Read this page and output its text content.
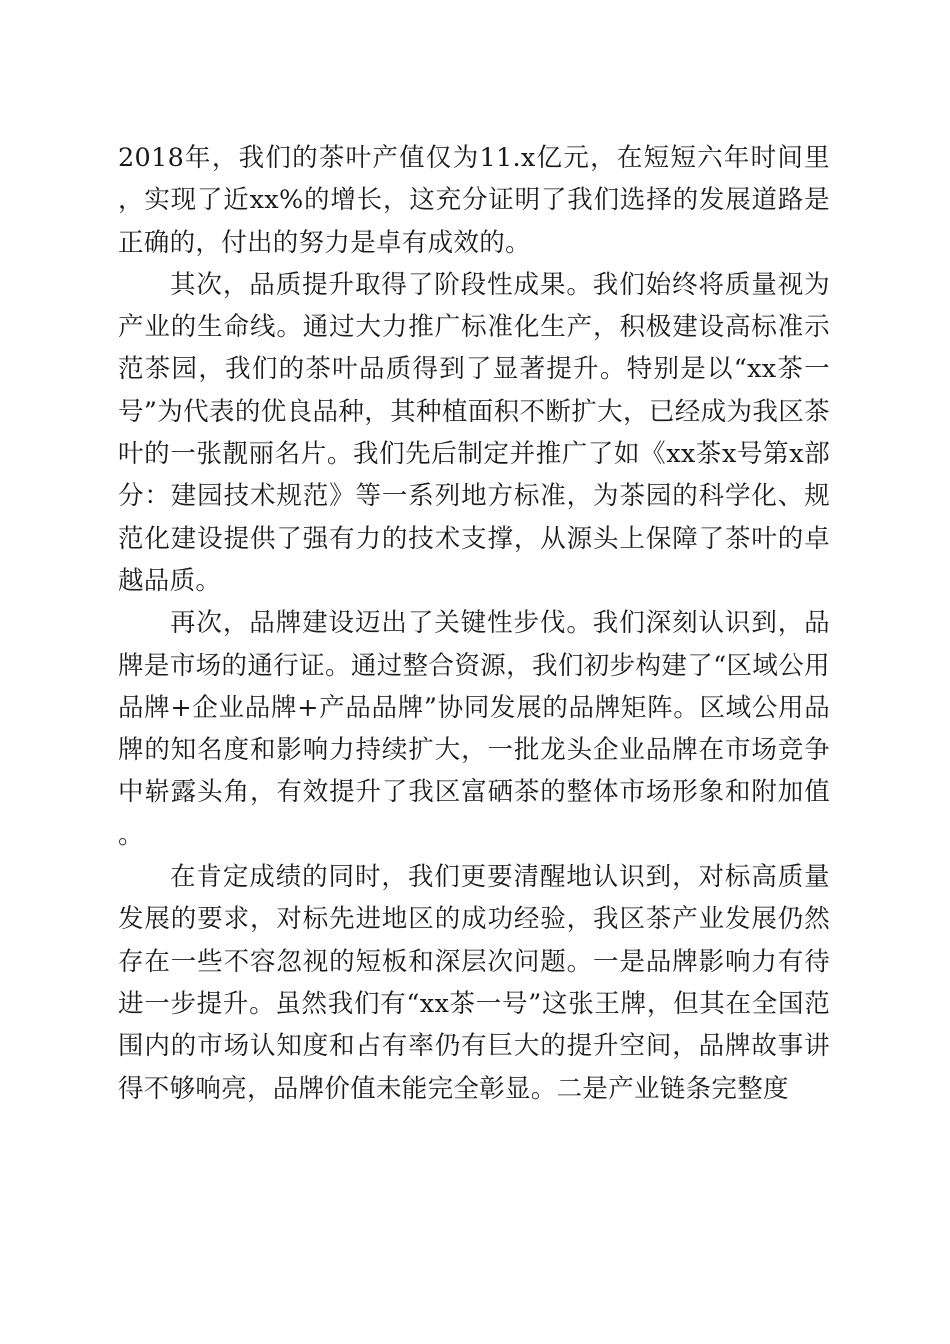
2018年，我们的茶叶产值仅为11.x亿元，在短短六年时间里，实现了近xx%的增长，这充分证明了我们选择的发展道路是正确的，付出的努力是卓有成效的。

其次，品质提升取得了阶段性成果。我们始终将质量视为产业的生命线。通过大力推广标准化生产，积极建设高标准示范茶园，我们的茶叶品质得到了显著提升。特别是以“xx茶一号”为代表的优良品种，其种植面积不断扩大，已经成为我区茶叶的一张靓丽名片。我们先后制定并推广了如《xx茶x号第x部分：建园技术规范》等一系列地方标准，为茶园的科学化、规范化建设提供了强有力的技术支撑，从源头上保障了茶叶的卓越品质。

再次，品牌建设迈出了关键性步伐。我们深刻认识到，品牌是市场的通行证。通过整合资源，我们初步构建了“区域公用品牌+企业品牌+产品品牌”协同发展的品牌矩阵。区域公用品牌的知名度和影响力持续扩大，一批龙头企业品牌在市场竞争中崭露头角，有效提升了我区富硒茶的整体市场形象和附加值。

在肯定成绩的同时，我们更要清醒地认识到，对标高质量发展的要求，对标先进地区的成功经验，我区茶产业发展仍然存在一些不容忽视的短板和深层次问题。一是品牌影响力有待进一步提升。虽然我们有“xx茶一号”这张王牌，但其在全国范围内的市场认知度和占有率仍有巨大的提升空间，品牌故事讲得不够响亮，品牌价值未能完全彰显。二是产业链条完整度
